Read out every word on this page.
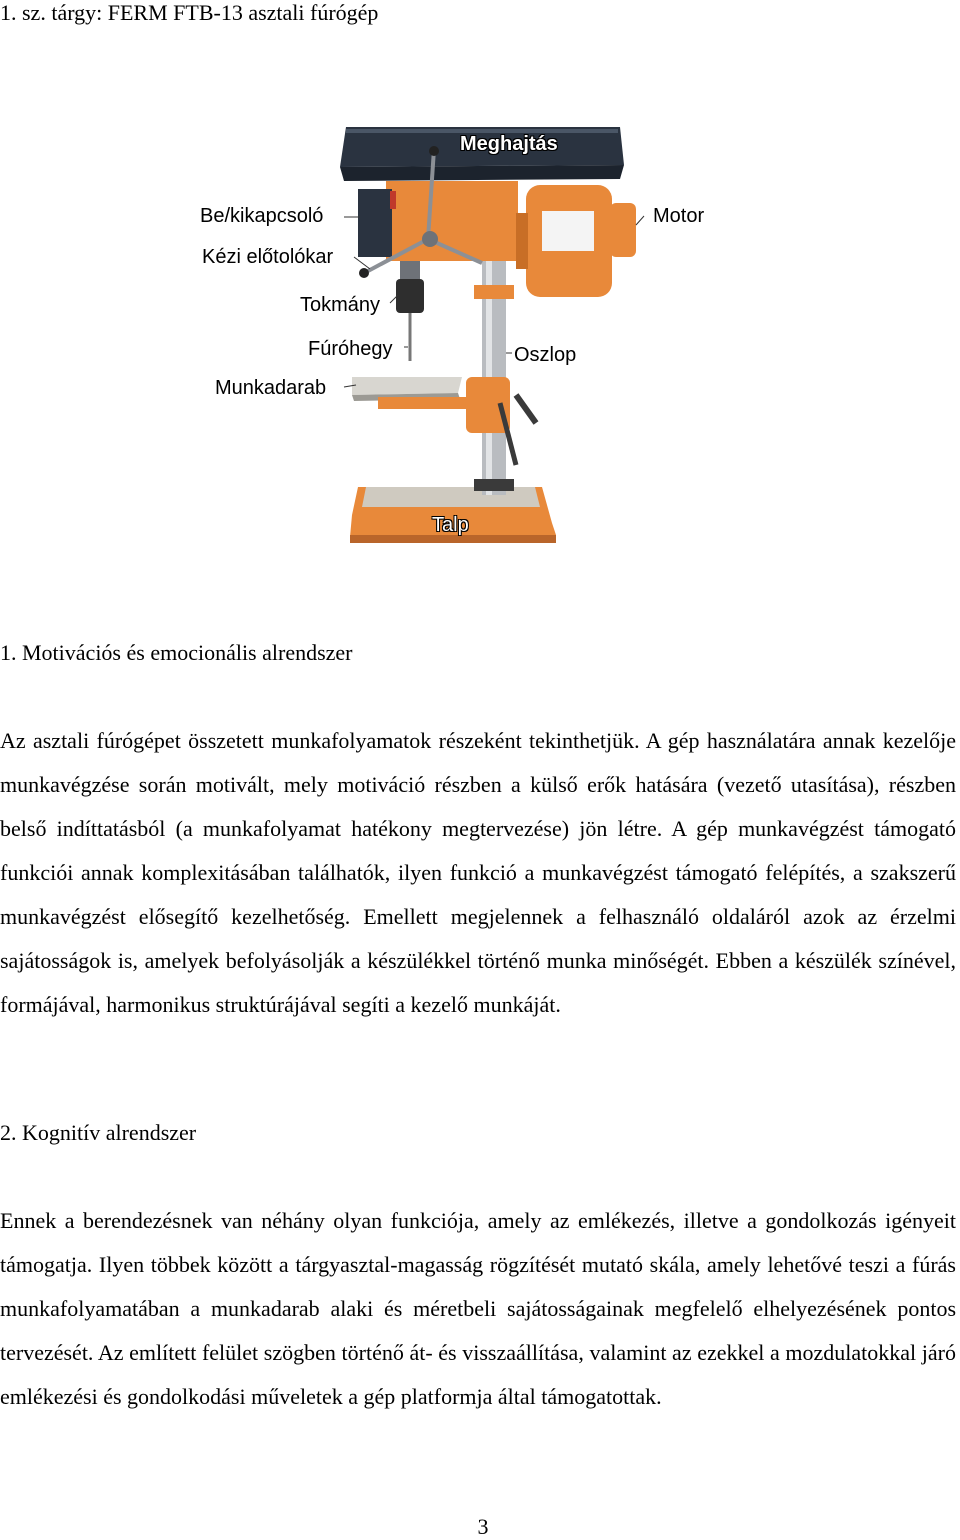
1. sz. tárgy: FERM FTB-13 asztali fúrógép
Meghajtás
Be/kikapcsoló
Kézi előtolókar
Tokmány
Fúróhegy
Munkadarab
Motor
Oszlop
Talp
1. Motivációs és emocionális alrendszer
Az asztali fúrógépet összetett munkafolyamatok részeként tekinthetjük. A gép használatára annak kezelője munkavégzése során motivált, mely motiváció részben a külső erők hatására (vezető utasítása), részben belső indíttatásból (a munkafolyamat hatékony megtervezése) jön létre. A gép munkavégzést támogató funkciói annak komplexitásában találhatók, ilyen funkció a munkavégzést támogató felépítés, a szakszerű munkavégzést elősegítő kezelhetőség. Emellett megjelennek a felhasználó oldaláról azok az érzelmi sajátosságok is, amelyek befolyásolják a készülékkel történő munka minőségét. Ebben a készülék színével, formájával, harmonikus struktúrájával segíti a kezelő munkáját.
2. Kognitív alrendszer
Ennek a berendezésnek van néhány olyan funkciója, amely az emlékezés, illetve a gondolkozás igényeit támogatja. Ilyen többek között a tárgyasztal-magasság rögzítését mutató skála, amely lehetővé teszi a fúrás munkafolyamatában a munkadarab alaki és méretbeli sajátosságainak megfelelő elhelyezésének pontos tervezését. Az említett felület szögben történő át- és visszaállítása, valamint az ezekkel a mozdulatokkal járó emlékezési és gondolkodási műveletek a gép platformja által támogatottak.
3
